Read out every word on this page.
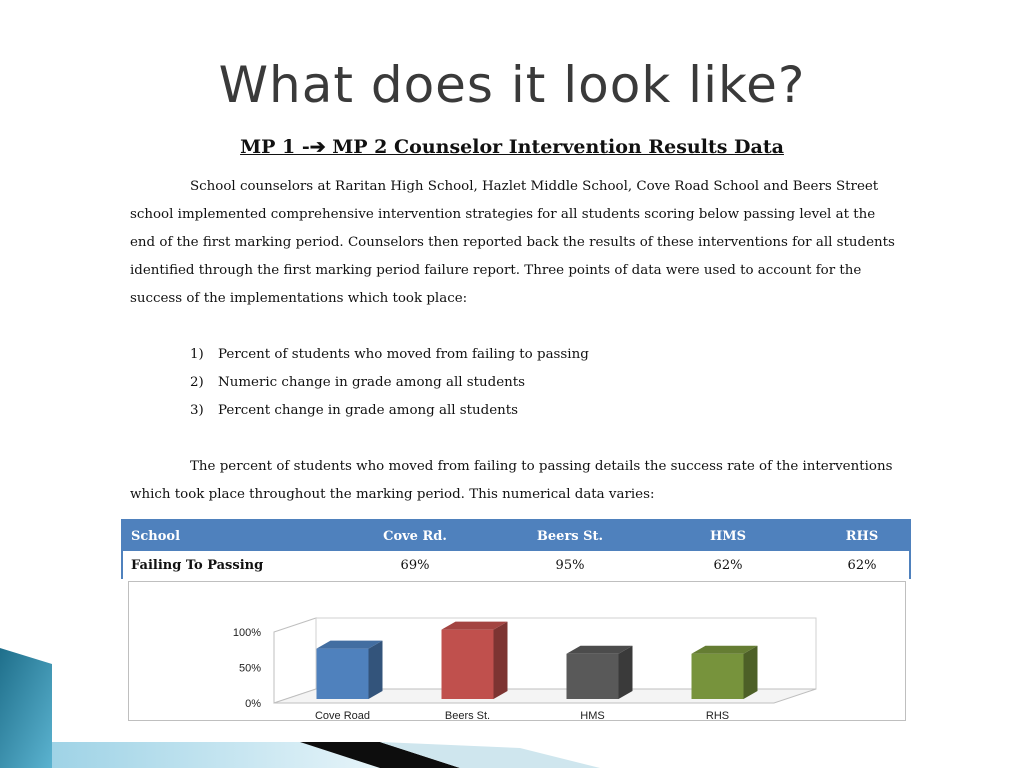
What does it look like?
MP 1 -➔ MP 2 Counselor Intervention Results Data

School counselors at Raritan High School, Hazlet Middle School, Cove Road School and Beers Street school implemented comprehensive intervention strategies for all students scoring below passing level at the end of the first marking period. Counselors then reported back the results of these interventions for all students identified through the first marking period failure report. Three points of data were used to account for the success of the implementations which took place:

1)	Percent of students who moved from failing to passing
2)	Numeric change in grade among all students
3)	Percent change in grade among all students

The percent of students who moved from failing to passing details the success rate of the interventions which took place throughout the marking period. This numerical data varies:

School	Cove Rd.	Beers St.	HMS	RHS
Failing To Passing	69%	95%	62%	62%
0%
50%
100%
Cove Road	Beers St.	HMS	RHS
